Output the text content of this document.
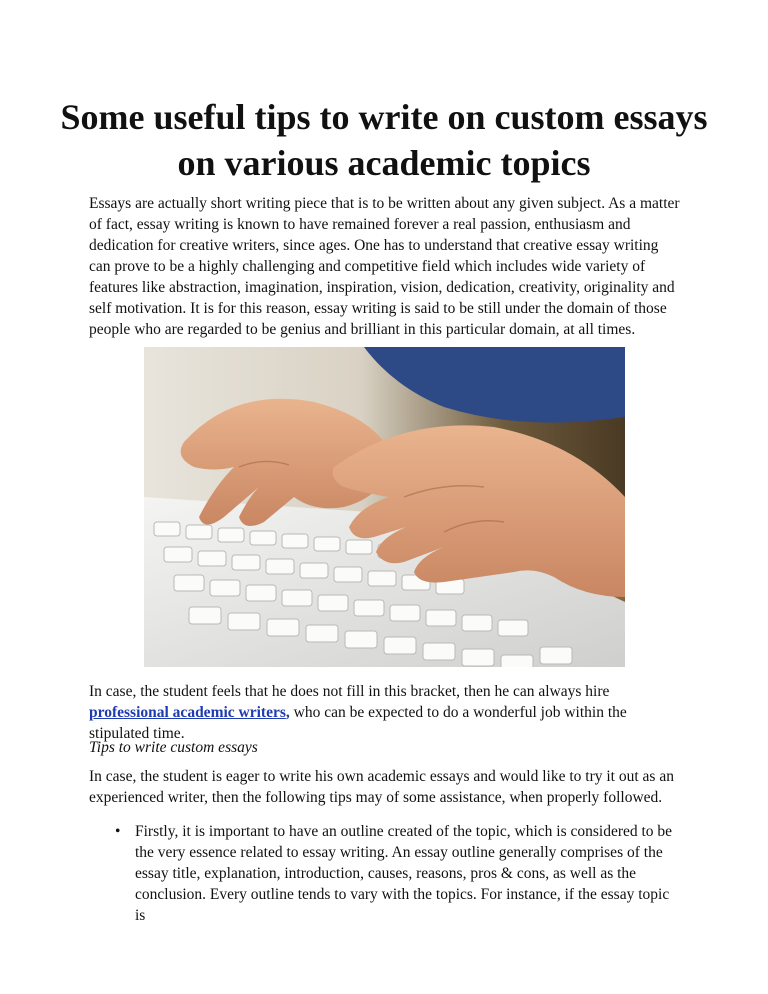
Some useful tips to write on custom essays on various academic topics

Essays are actually short writing piece that is to be written about any given subject. As a matter of fact, essay writing is known to have remained forever a real passion, enthusiasm and dedication for creative writers, since ages. One has to understand that creative essay writing can prove to be a highly challenging and competitive field which includes wide variety of features like abstraction, imagination, inspiration, vision, dedication, creativity, originality and self motivation. It is for this reason, essay writing is said to be still under the domain of those people who are regarded to be genius and brilliant in this particular domain, at all times.

In case, the student feels that he does not fill in this bracket, then he can always hire professional academic writers, who can be expected to do a wonderful job within the stipulated time.

Tips to write custom essays

In case, the student is eager to write his own academic essays and would like to try it out as an experienced writer, then the following tips may of some assistance, when properly followed.

• Firstly, it is important to have an outline created of the topic, which is considered to be the very essence related to essay writing. An essay outline generally comprises of the essay title, explanation, introduction, causes, reasons, pros & cons, as well as the conclusion. Every outline tends to vary with the topics. For instance, if the essay topic is
